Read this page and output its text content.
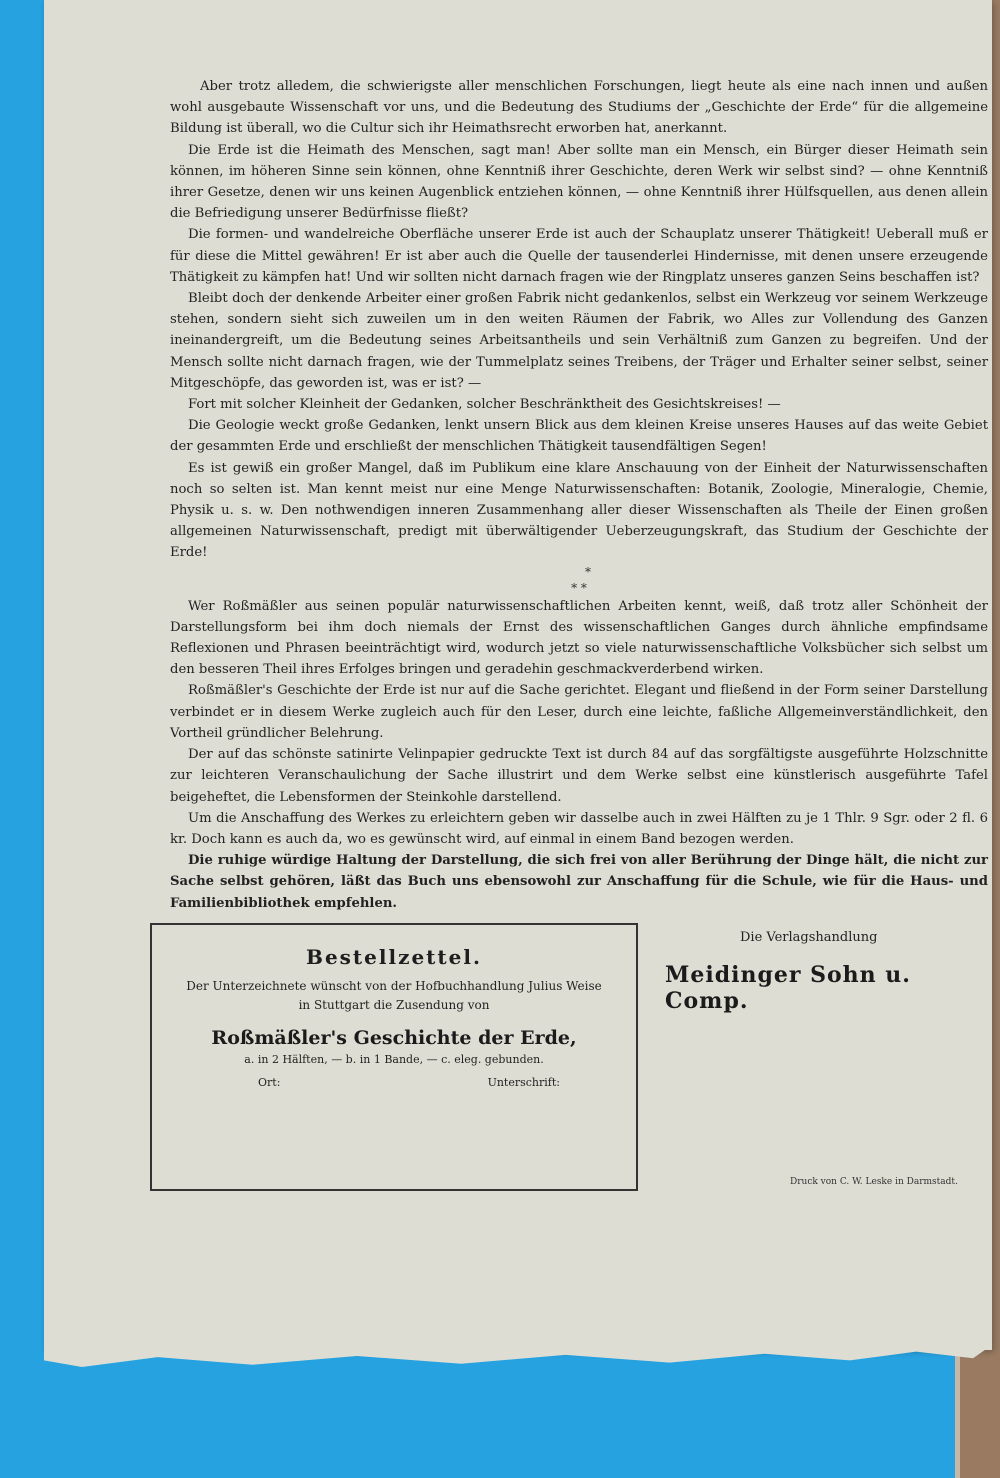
Aber trotz alledem, die schwierigste aller menschlichen Forschungen, liegt heute als eine nach innen und außen wohl ausgebaute Wissenschaft vor uns, und die Bedeutung des Studiums der „Geschichte der Erde“ für die allgemeine Bildung ist überall, wo die Cultur sich ihr Heimathsrecht erworben hat, anerkannt.

Die Erde ist die Heimath des Menschen, sagt man! Aber sollte man ein Mensch, ein Bürger dieser Heimath sein können, im höheren Sinne sein können, ohne Kenntniß ihrer Geschichte, deren Werk wir selbst sind? — ohne Kenntniß ihrer Gesetze, denen wir uns keinen Augenblick entziehen können, — ohne Kenntniß ihrer Hülfsquellen, aus denen allein die Befriedigung unserer Bedürfnisse fließt?

Die formen- und wandelreiche Oberfläche unserer Erde ist auch der Schauplatz unserer Thätigkeit! Ueberall muß er für diese die Mittel gewähren! Er ist aber auch die Quelle der tausenderlei Hindernisse, mit denen unsere erzeugende Thätigkeit zu kämpfen hat! Und wir sollten nicht darnach fragen wie der Ringplatz unseres ganzen Seins beschaffen ist?

Bleibt doch der denkende Arbeiter einer großen Fabrik nicht gedankenlos, selbst ein Werkzeug vor seinem Werkzeuge stehen, sondern sieht sich zuweilen um in den weiten Räumen der Fabrik, wo Alles zur Vollendung des Ganzen ineinandergreift, um die Bedeutung seines Arbeitsantheils und sein Verhältniß zum Ganzen zu begreifen. Und der Mensch sollte nicht darnach fragen, wie der Tummelplatz seines Treibens, der Träger und Erhalter seiner selbst, seiner Mitgeschöpfe, das geworden ist, was er ist? —

Fort mit solcher Kleinheit der Gedanken, solcher Beschränktheit des Gesichtskreises! —

Die Geologie weckt große Gedanken, lenkt unsern Blick aus dem kleinen Kreise unseres Hauses auf das weite Gebiet der gesammten Erde und erschließt der menschlichen Thätigkeit tausendfältigen Segen!

Es ist gewiß ein großer Mangel, daß im Publikum eine klare Anschauung von der Einheit der Naturwissenschaften noch so selten ist. Man kennt meist nur eine Menge Naturwissenschaften: Botanik, Zoologie, Mineralogie, Chemie, Physik u. s. w. Den nothwendigen inneren Zusammenhang aller dieser Wissenschaften als Theile der Einen großen allgemeinen Naturwissenschaft, predigt mit überwältigender Ueberzeugungskraft, das Studium der Geschichte der Erde!

*
* *

Wer Roßmäßler aus seinen populär naturwissenschaftlichen Arbeiten kennt, weiß, daß trotz aller Schönheit der Darstellungsform bei ihm doch niemals der Ernst des wissenschaftlichen Ganges durch ähnliche empfindsame Reflexionen und Phrasen beeinträchtigt wird, wodurch jetzt so viele naturwissenschaftliche Volksbücher sich selbst um den besseren Theil ihres Erfolges bringen und geradehin geschmackverderbend wirken.

Roßmäßler's Geschichte der Erde ist nur auf die Sache gerichtet. Elegant und fließend in der Form seiner Darstellung verbindet er in diesem Werke zugleich auch für den Leser, durch eine leichte, faßliche Allgemeinverständlichkeit, den Vortheil gründlicher Belehrung.

Der auf das schönste satinirte Velinpapier gedruckte Text ist durch 84 auf das sorgfältigste ausgeführte Holzschnitte zur leichteren Veranschaulichung der Sache illustrirt und dem Werke selbst eine künstlerisch ausgeführte Tafel beigeheftet, die Lebensformen der Steinkohle darstellend.

Um die Anschaffung des Werkes zu erleichtern geben wir dasselbe auch in zwei Hälften zu je 1 Thlr. 9 Sgr. oder 2 fl. 6 kr. Doch kann es auch da, wo es gewünscht wird, auf einmal in einem Band bezogen werden.

Die ruhige würdige Haltung der Darstellung, die sich frei von aller Berührung der Dinge hält, die nicht zur Sache selbst gehören, läßt das Buch uns ebensowohl zur Anschaffung für die Schule, wie für die Haus- und Familienbibliothek empfehlen.

Bestellzettel.

Der Unterzeichnete wünscht von der Hofbuchhandlung Julius Weise in Stuttgart die Zusendung von

Roßmäßler's Geschichte der Erde,

a. in 2 Hälften, — b. in 1 Bande, — c. eleg. gebunden.

Ort:	Unterschrift:
Die Verlagshandlung
Meidinger Sohn u. Comp.
Druck von C. W. Leske in Darmstadt.
